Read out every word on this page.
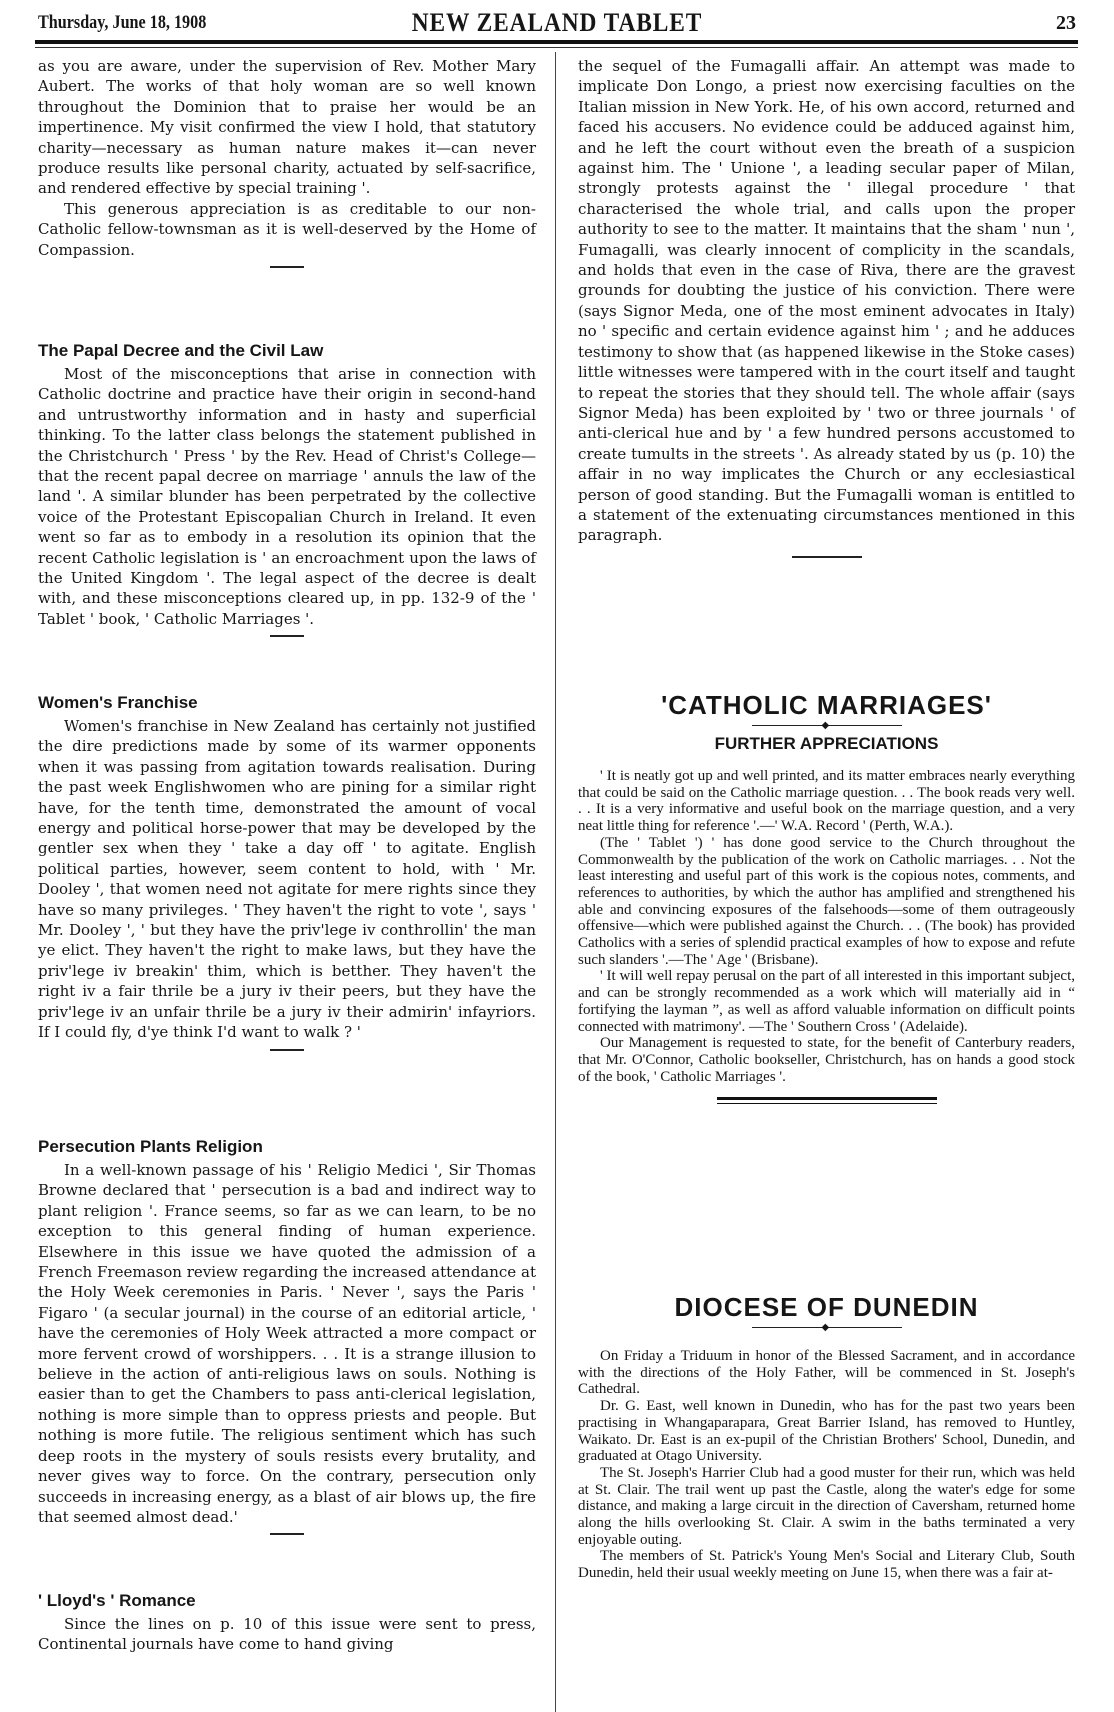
Thursday, June 18, 1908	NEW ZEALAND TABLET	23

as you are aware, under the supervision of Rev. Mother Mary Aubert. The works of that holy woman are so well known throughout the Dominion that to praise her would be an impertinence. My visit confirmed the view I hold, that statutory charity—necessary as human nature makes it—can never produce results like personal charity, actuated by self-sacrifice, and rendered effective by special training '.

This generous appreciation is as creditable to our non-Catholic fellow-townsman as it is well-deserved by the Home of Compassion.

The Papal Decree and the Civil Law

Most of the misconceptions that arise in connection with Catholic doctrine and practice have their origin in second-hand and untrustworthy information and in hasty and superficial thinking. To the latter class belongs the statement published in the Christchurch ' Press ' by the Rev. Head of Christ's College—that the recent papal decree on marriage ' annuls the law of the land '. A similar blunder has been perpetrated by the collective voice of the Protestant Episcopalian Church in Ireland. It even went so far as to embody in a resolution its opinion that the recent Catholic legislation is ' an encroachment upon the laws of the United Kingdom '. The legal aspect of the decree is dealt with, and these misconceptions cleared up, in pp. 132-9 of the ' Tablet ' book, ' Catholic Marriages '.

Women's Franchise

Women's franchise in New Zealand has certainly not justified the dire predictions made by some of its warmer opponents when it was passing from agitation towards realisation. During the past week Englishwomen who are pining for a similar right have, for the tenth time, demonstrated the amount of vocal energy and political horse-power that may be developed by the gentler sex when they ' take a day off ' to agitate. English political parties, however, seem content to hold, with ' Mr. Dooley ', that women need not agitate for mere rights since they have so many privileges. ' They haven't the right to vote ', says ' Mr. Dooley ', ' but they have the priv'lege iv conthrollin' the man ye elict. They haven't the right to make laws, but they have the priv'lege iv breakin' thim, which is betther. They haven't the right iv a fair thrile be a jury iv their peers, but they have the priv'lege iv an unfair thrile be a jury iv their admirin' infayriors. If I could fly, d'ye think I'd want to walk ? '

Persecution Plants Religion

In a well-known passage of his ' Religio Medici ', Sir Thomas Browne declared that ' persecution is a bad and indirect way to plant religion '. France seems, so far as we can learn, to be no exception to this general finding of human experience. Elsewhere in this issue we have quoted the admission of a French Freemason review regarding the increased attendance at the Holy Week ceremonies in Paris. ' Never ', says the Paris ' Figaro ' (a secular journal) in the course of an editorial article, ' have the ceremonies of Holy Week attracted a more compact or more fervent crowd of worshippers. . . It is a strange illusion to believe in the action of anti-religious laws on souls. Nothing is easier than to get the Chambers to pass anti-clerical legislation, nothing is more simple than to oppress priests and people. But nothing is more futile. The religious sentiment which has such deep roots in the mystery of souls resists every brutality, and never gives way to force. On the contrary, persecution only succeeds in increasing energy, as a blast of air blows up, the fire that seemed almost dead.'

' Lloyd's ' Romance

Since the lines on p. 10 of this issue were sent to press, Continental journals have come to hand giving

the sequel of the Fumagalli affair. An attempt was made to implicate Don Longo, a priest now exercising faculties on the Italian mission in New York. He, of his own accord, returned and faced his accusers. No evidence could be adduced against him, and he left the court without even the breath of a suspicion against him. The ' Unione ', a leading secular paper of Milan, strongly protests against the ' illegal procedure ' that characterised the whole trial, and calls upon the proper authority to see to the matter. It maintains that the sham ' nun ', Fumagalli, was clearly innocent of complicity in the scandals, and holds that even in the case of Riva, there are the gravest grounds for doubting the justice of his conviction. There were (says Signor Meda, one of the most eminent advocates in Italy) no ' specific and certain evidence against him ' ; and he adduces testimony to show that (as happened likewise in the Stoke cases) little witnesses were tampered with in the court itself and taught to repeat the stories that they should tell. The whole affair (says Signor Meda) has been exploited by ' two or three journals ' of anti-clerical hue and by ' a few hundred persons accustomed to create tumults in the streets '. As already stated by us (p. 10) the affair in no way implicates the Church or any ecclesiastical person of good standing. But the Fumagalli woman is entitled to a statement of the extenuating circumstances mentioned in this paragraph.

'CATHOLIC MARRIAGES'
◆
FURTHER APPRECIATIONS

' It is neatly got up and well printed, and its matter embraces nearly everything that could be said on the Catholic marriage question. . . The book reads very well. . . It is a very informative and useful book on the marriage question, and a very neat little thing for reference '.—' W.A. Record ' (Perth, W.A.).

(The ' Tablet ') ' has done good service to the Church throughout the Commonwealth by the publication of the work on Catholic marriages. . . Not the least interesting and useful part of this work is the copious notes, comments, and references to authorities, by which the author has amplified and strengthened his able and convincing exposures of the falsehoods—some of them outrageously offensive—which were published against the Church. . . (The book) has provided Catholics with a series of splendid practical examples of how to expose and refute such slanders '.—The ' Age ' (Brisbane).

' It will well repay perusal on the part of all interested in this important subject, and can be strongly recommended as a work which will materially aid in “ fortifying the layman ”, as well as afford valuable information on difficult points connected with matrimony'. —The ' Southern Cross ' (Adelaide).

Our Management is requested to state, for the benefit of Canterbury readers, that Mr. O'Connor, Catholic bookseller, Christchurch, has on hands a good stock of the book, ' Catholic Marriages '.

DIOCESE OF DUNEDIN
◆

On Friday a Triduum in honor of the Blessed Sacrament, and in accordance with the directions of the Holy Father, will be commenced in St. Joseph's Cathedral.

Dr. G. East, well known in Dunedin, who has for the past two years been practising in Whangaparapara, Great Barrier Island, has removed to Huntley, Waikato. Dr. East is an ex-pupil of the Christian Brothers' School, Dunedin, and graduated at Otago University.

The St. Joseph's Harrier Club had a good muster for their run, which was held at St. Clair. The trail went up past the Castle, along the water's edge for some distance, and making a large circuit in the direction of Caversham, returned home along the hills overlooking St. Clair. A swim in the baths terminated a very enjoyable outing.

The members of St. Patrick's Young Men's Social and Literary Club, South Dunedin, held their usual weekly meeting on June 15, when there was a fair at-
